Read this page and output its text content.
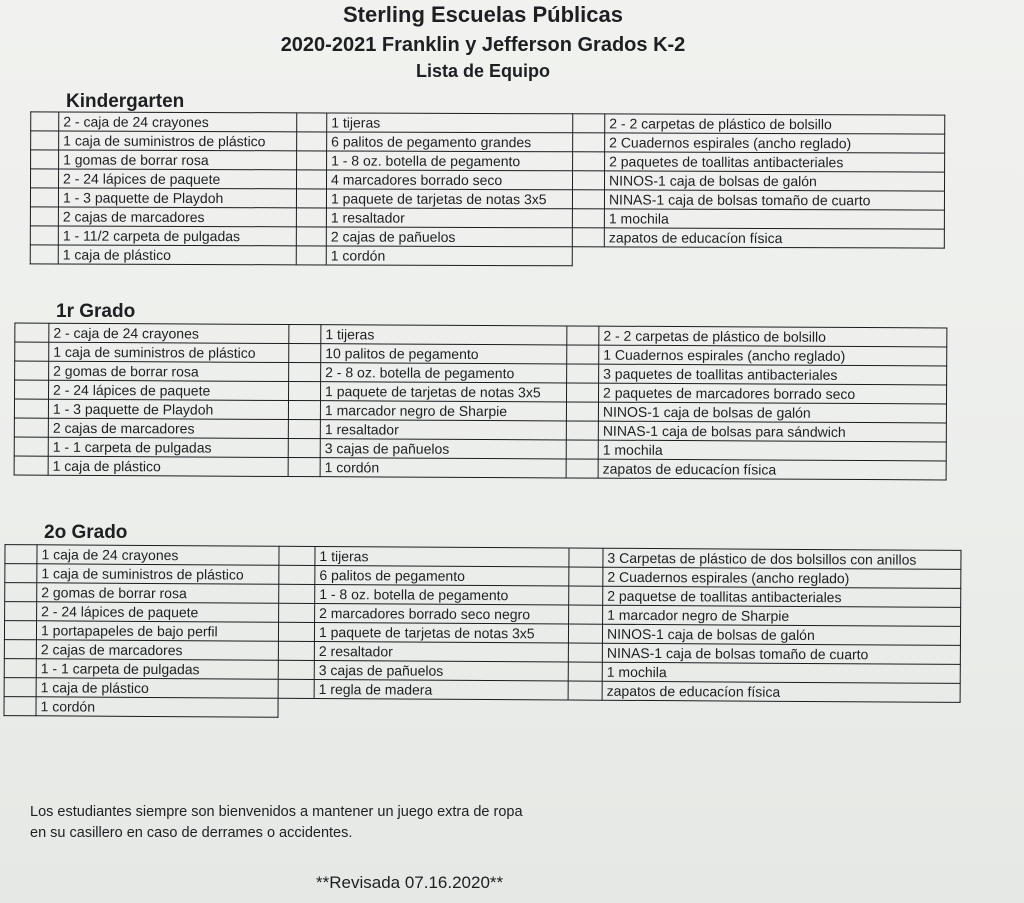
Sterling Escuelas Públicas
2020-2021 Franklin y Jefferson Grados K-2
Lista de Equipo
Kindergarten
	2 - caja de 24 crayones		1 tijeras		2 - 2 carpetas de plástico de bolsillo
	1 caja de suministros de plástico		6 palitos de pegamento grandes		2 Cuadernos espirales (ancho reglado)
	1 gomas de borrar rosa		1 - 8 oz. botella de pegamento		2 paquetes de toallitas antibacteriales
	2 - 24 lápices de paquete		4 marcadores borrado seco		NINOS-1 caja de bolsas de galón
	1 - 3 paquette de Playdoh		1 paquete de tarjetas de notas 3x5		NINAS-1 caja de bolsas tomaño de cuarto
	2 cajas de marcadores		1 resaltador		1 mochila
	1 - 11/2 carpeta de pulgadas		2 cajas de pañuelos		zapatos de educacíon física
	1 caja de plástico		1 cordón		
1r Grado
	2 - caja de 24 crayones		1 tijeras		2 - 2 carpetas de plástico de bolsillo
	1 caja de suministros de plástico		10 palitos de pegamento		1 Cuadernos espirales (ancho reglado)
	2 gomas de borrar rosa		2 - 8 oz. botella de pegamento		3 paquetes de toallitas antibacteriales
	2 - 24 lápices de paquete		1 paquete de tarjetas de notas 3x5		2 paquetes de marcadores borrado seco
	1 - 3 paquette de Playdoh		1 marcador negro de Sharpie		NINOS-1 caja de bolsas de galón
	2 cajas de marcadores		1 resaltador		NINAS-1 caja de bolsas para sándwich
	1 - 1 carpeta de pulgadas		3 cajas de pañuelos		1 mochila
	1 caja de plástico		1 cordón		zapatos de educacíon física
2o Grado
	1 caja de 24 crayones		1 tijeras		3 Carpetas de plástico de dos bolsillos con anillos
	1 caja de suministros de plástico		6 palitos de pegamento		2 Cuadernos espirales (ancho reglado)
	2 gomas de borrar rosa		1 - 8 oz. botella de pegamento		2 paquetse de toallitas antibacteriales
	2 - 24 lápices de paquete		2 marcadores borrado seco negro		1 marcador negro de Sharpie
	1 portapapeles de bajo perfil		1 paquete de tarjetas de notas 3x5		NINOS-1 caja de bolsas de galón
	2 cajas de marcadores		2 resaltador		NINAS-1 caja de bolsas tomaño de cuarto
	1 - 1 carpeta de pulgadas		3 cajas de pañuelos		1 mochila
	1 caja de plástico		1 regla de madera		zapatos de educacíon física
	1 cordón				
Los estudiantes siempre son bienvenidos a mantener un juego extra de ropa
en su casillero en caso de derrames o accidentes.
**Revisada 07.16.2020**
